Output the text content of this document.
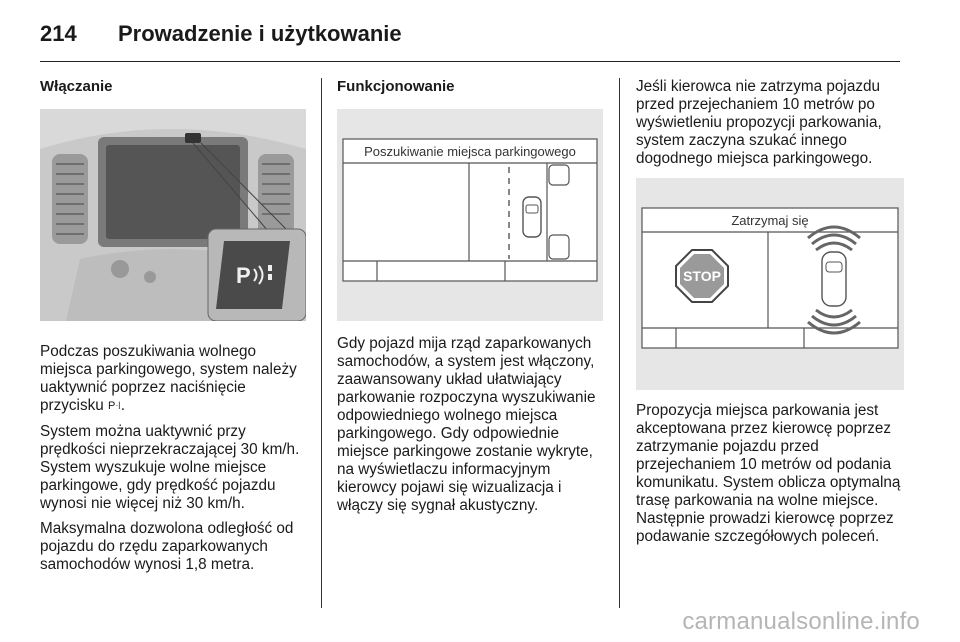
214	Prowadzenie i użytkowanie
Włączanie
P

Podczas poszukiwania wolnego miejsca parkingowego, system należy uaktywnić poprzez naciśnięcie przycisku P꜊.

System można uaktywnić przy prędkości nieprzekraczającej 30 km/h. System wyszukuje wolne miejsce parkingowe, gdy prędkość pojazdu wynosi nie więcej niż 30 km/h.

Maksymalna dozwolona odległość od pojazdu do rzędu zaparkowanych samochodów wynosi 1,8 metra.

Funkcjonowanie
Poszukiwanie miejsca parkingowego

Gdy pojazd mija rząd zaparkowanych samochodów, a system jest włączony, zaawansowany układ ułatwiający parkowanie rozpoczyna wyszukiwanie odpowiedniego wolnego miejsca parkingowego. Gdy odpowiednie miejsce parkingowe zostanie wykryte, na wyświetlaczu informacyjnym kierowcy pojawi się wizualizacja i włączy się sygnał akustyczny.

Jeśli kierowca nie zatrzyma pojazdu przed przejechaniem 10 metrów po wyświetleniu propozycji parkowania, system zaczyna szukać innego dogodnego miejsca parkingowego.

Zatrzymaj się
STOP

Propozycja miejsca parkowania jest akceptowana przez kierowcę poprzez zatrzymanie pojazdu przed przejechaniem 10 metrów od podania komunikatu. System oblicza optymalną trasę parkowania na wolne miejsce. Następnie prowadzi kierowcę poprzez podawanie szczegółowych poleceń.

carmanualsonline.info
